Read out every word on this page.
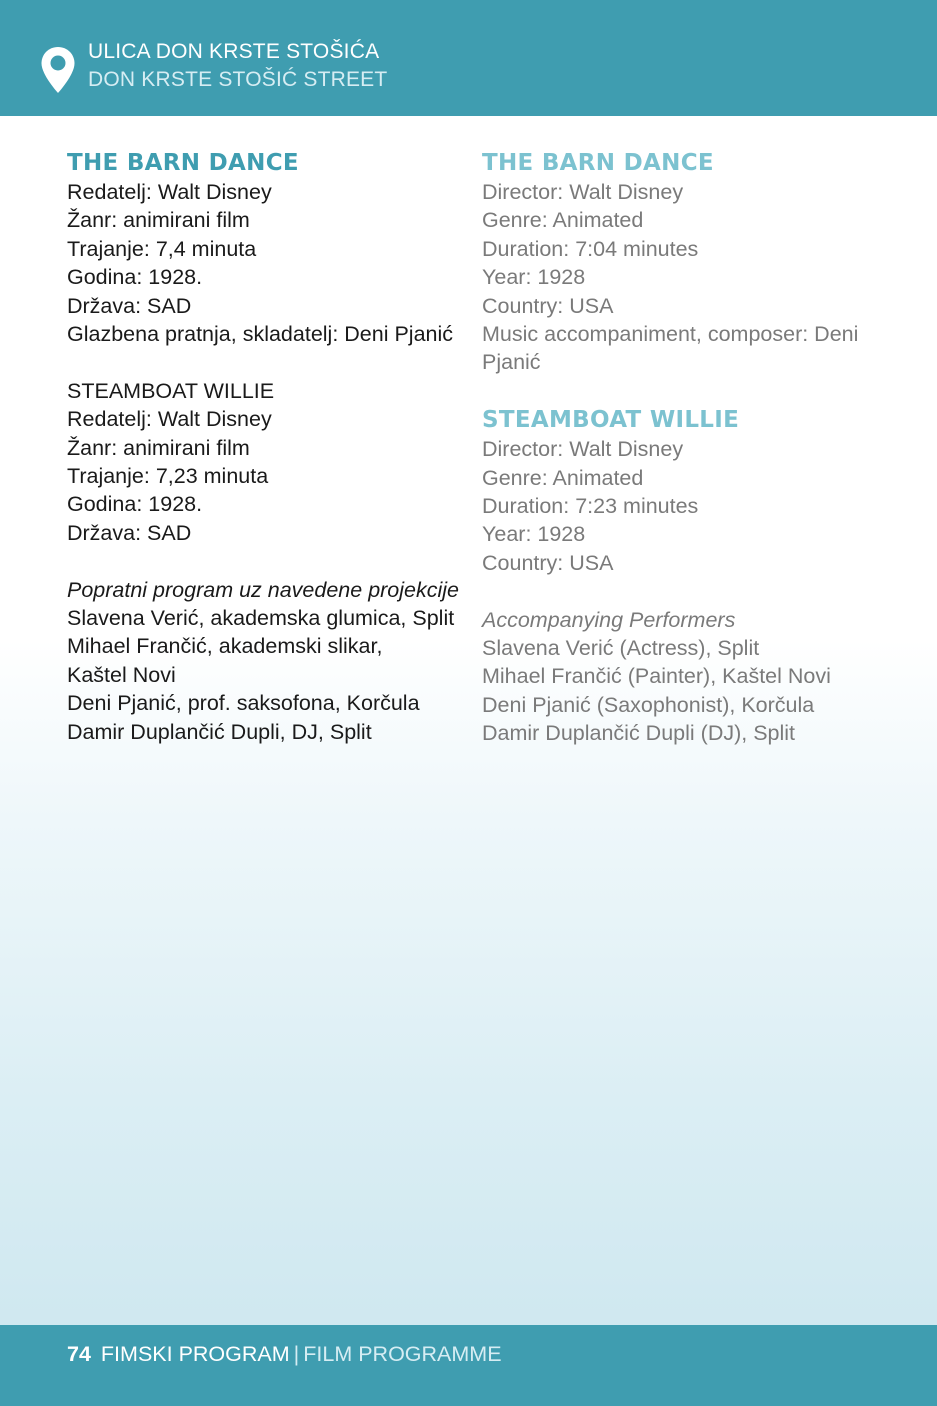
ULICA DON KRSTE STOŠIĆA
DON KRSTE STOŠIĆ STREET
THE BARN DANCE
Redatelj: Walt Disney
Žanr: animirani film
Trajanje: 7,4 minuta
Godina: 1928.
Država: SAD
Glazbena pratnja, skladatelj: Deni Pjanić
STEAMBOAT WILLIE
Redatelj: Walt Disney
Žanr: animirani film
Trajanje: 7,23 minuta
Godina: 1928.
Država: SAD
Popratni program uz navedene projekcije
Slavena Verić, akademska glumica, Split
Mihael Frančić, akademski slikar, Kaštel Novi
Deni Pjanić, prof. saksofona, Korčula
Damir Duplančić Dupli, DJ, Split
THE BARN DANCE
Director: Walt Disney
Genre: Animated
Duration: 7:04 minutes
Year: 1928
Country: USA
Music accompaniment, composer: Deni Pjanić
STEAMBOAT WILLIE
Director: Walt Disney
Genre: Animated
Duration: 7:23 minutes
Year: 1928
Country: USA
Accompanying Performers
Slavena Verić (Actress), Split
Mihael Frančić (Painter), Kaštel Novi
Deni Pjanić (Saxophonist), Korčula
Damir Duplančić Dupli (DJ), Split
74 FIMSKI PROGRAM | FILM PROGRAMME
